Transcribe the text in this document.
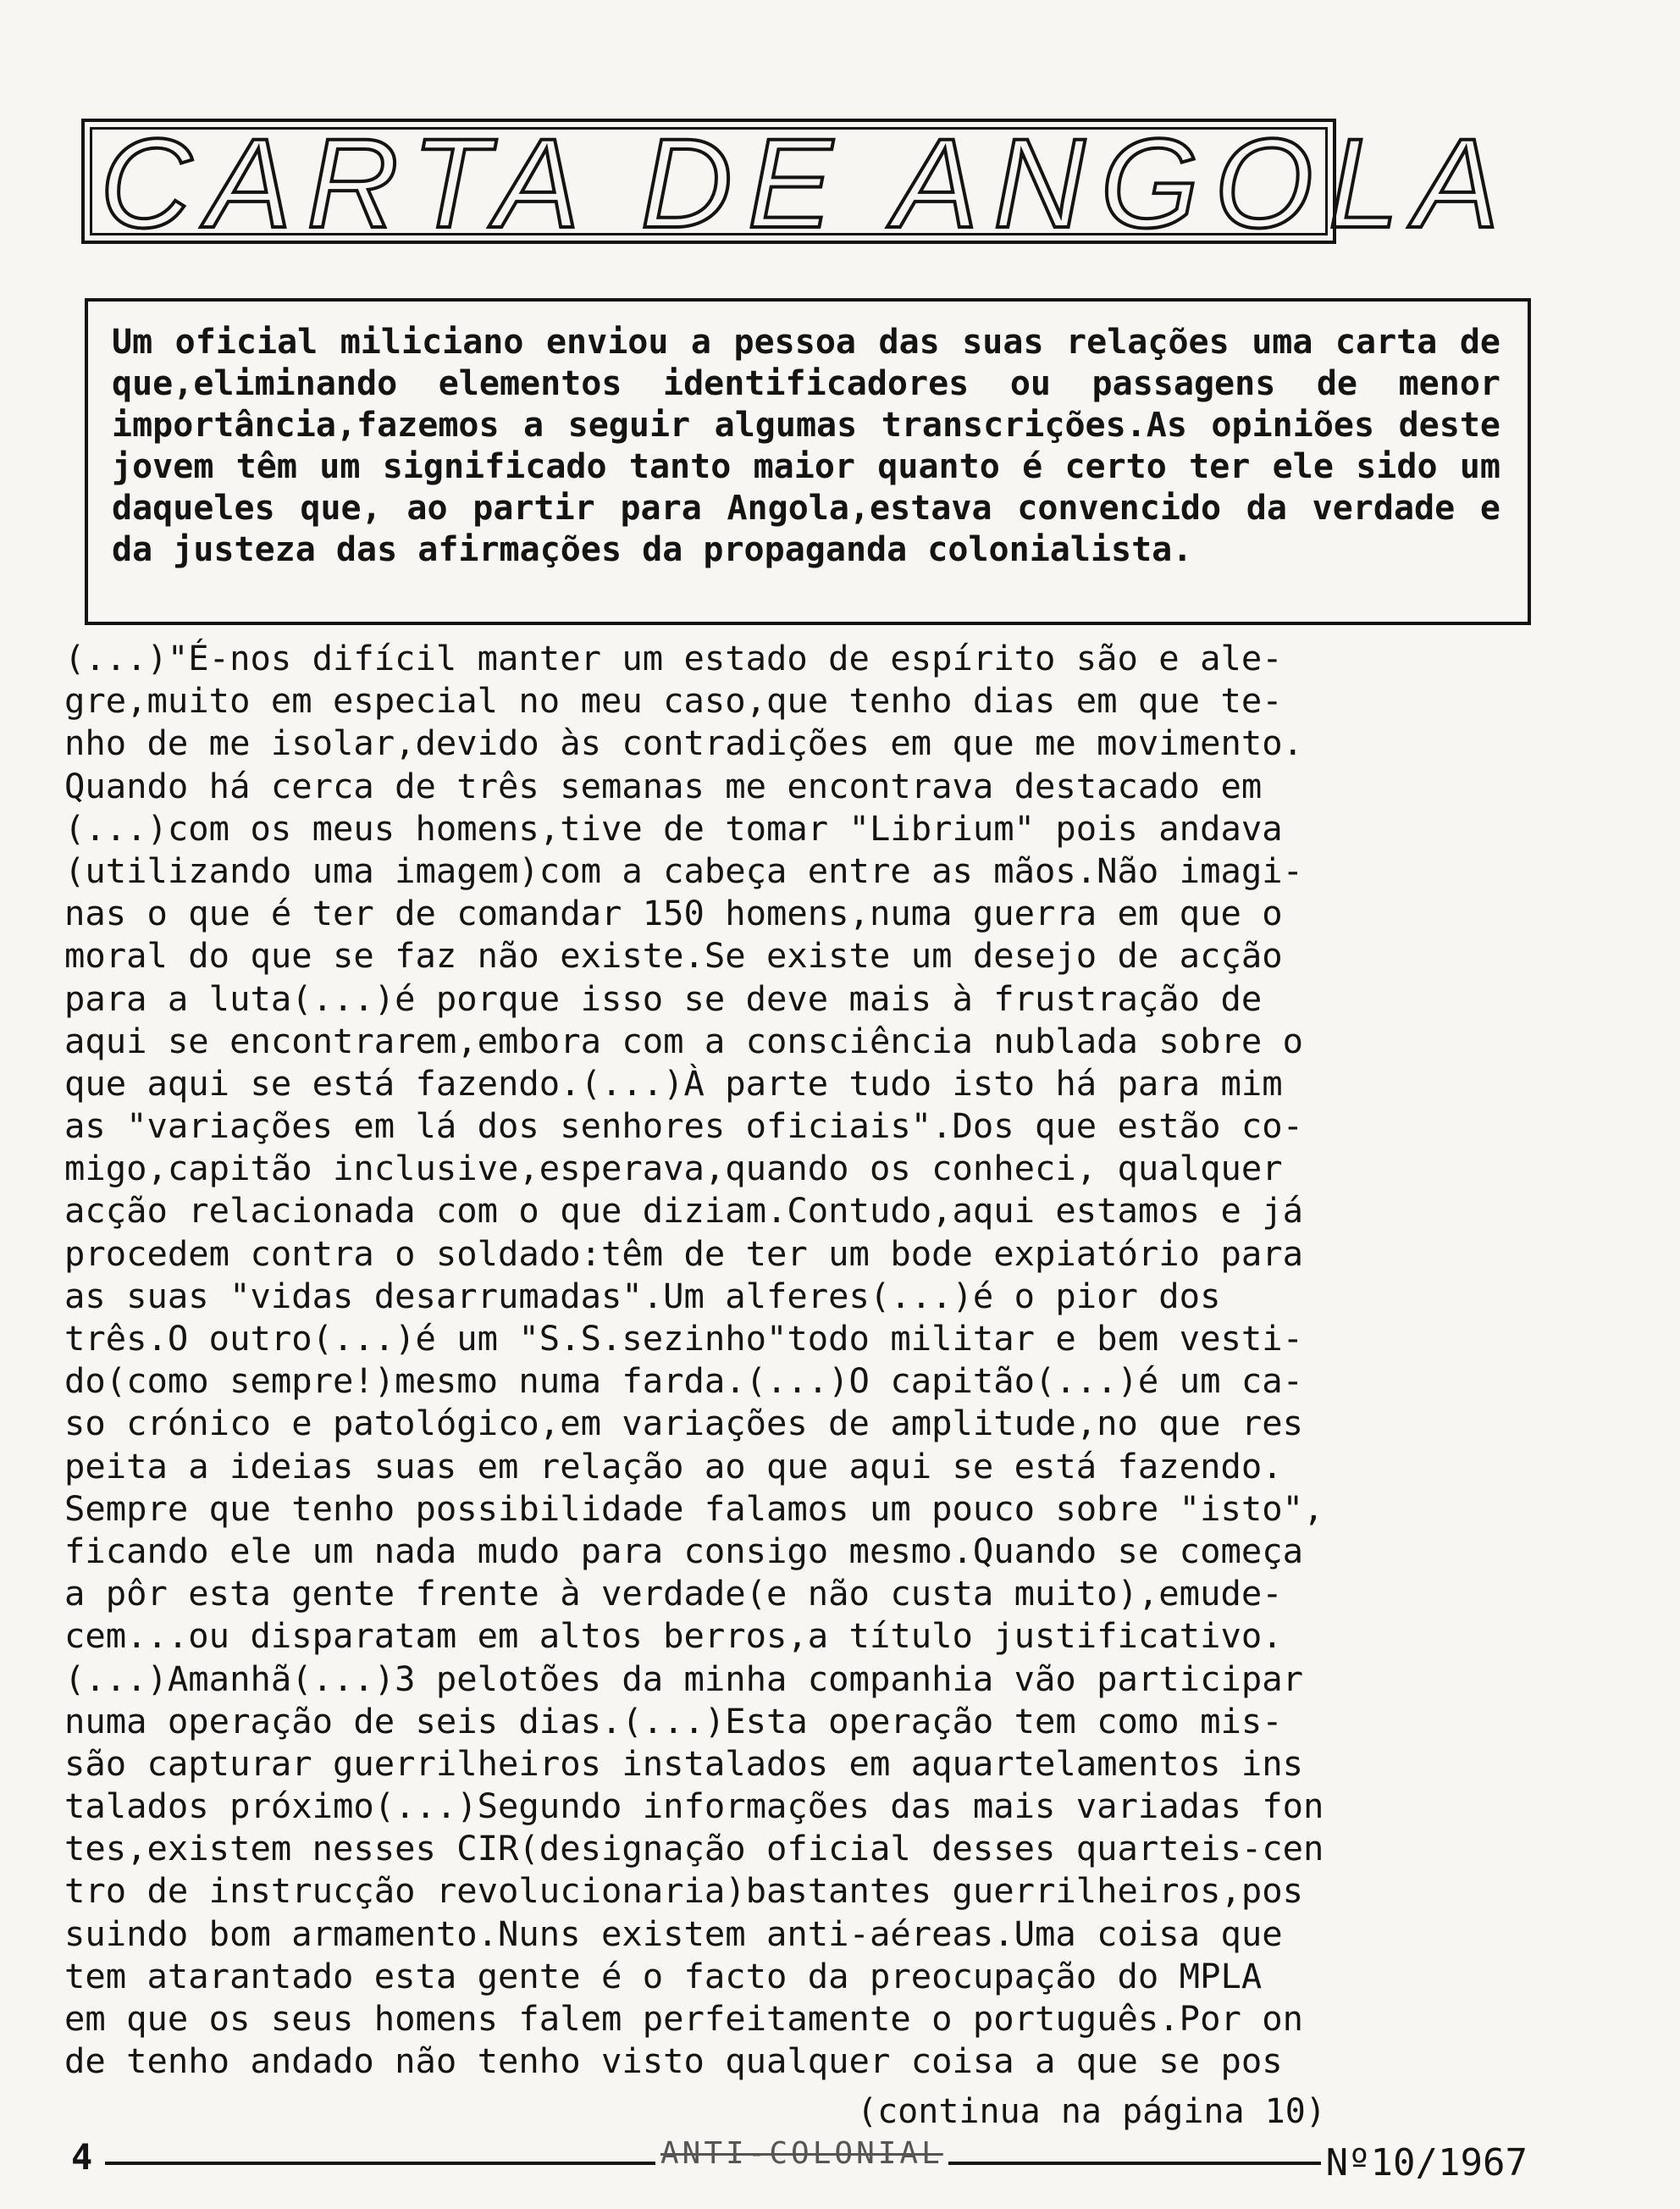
CARTA DE ANGOLA
Um oficial miliciano enviou a pessoa das suas relações uma carta de que,eliminando elementos identificadores ou passagens de menor importância,fazemos a seguir algumas transcrições.As opiniões deste jovem têm um significado tanto maior quanto é certo ter ele sido um daqueles que, ao partir para Angola,estava convencido da verdade e da justeza das afirmações da propaganda colonialista.
(...)"É-nos difícil manter um estado de espírito são e ale-
gre,muito em especial no meu caso,que tenho dias em que te-
nho de me isolar,devido às contradições em que me movimento.
Quando há cerca de três semanas me encontrava destacado em
(...)com os meus homens,tive de tomar "Librium" pois andava
(utilizando uma imagem)com a cabeça entre as mãos.Não imagi-
nas o que é ter de comandar 150 homens,numa guerra em que o
moral do que se faz não existe.Se existe um desejo de acção
para a luta(...)é porque isso se deve mais à frustração de
aqui se encontrarem,embora com a consciência nublada sobre o
que aqui se está fazendo.(...)À parte tudo isto há para mim
as "variações em lá dos senhores oficiais".Dos que estão co-
migo,capitão inclusive,esperava,quando os conheci, qualquer
acção relacionada com o que diziam.Contudo,aqui estamos e já
procedem contra o soldado:têm de ter um bode expiatório para
as suas "vidas desarrumadas".Um alferes(...)é o pior dos
três.O outro(...)é um "S.S.sezinho"todo militar e bem vesti-
do(como sempre!)mesmo numa farda.(...)O capitão(...)é um ca-
so crónico e patológico,em variações de amplitude,no que res
peita a ideias suas em relação ao que aqui se está fazendo.
Sempre que tenho possibilidade falamos um pouco sobre "isto",
ficando ele um nada mudo para consigo mesmo.Quando se começa
a pôr esta gente frente à verdade(e não custa muito),emude-
cem...ou disparatam em altos berros,a título justificativo.
(...)Amanhã(...)3 pelotões da minha companhia vão participar
numa operação de seis dias.(...)Esta operação tem como mis-
são capturar guerrilheiros instalados em aquartelamentos ins
talados próximo(...)Segundo informações das mais variadas fon
tes,existem nesses CIR(designação oficial desses quarteis-cen
tro de instrucção revolucionaria)bastantes guerrilheiros,pos
suindo bom armamento.Nuns existem anti-aéreas.Uma coisa que
tem atarantado esta gente é o facto da preocupação do MPLA
em que os seus homens falem perfeitamente o português.Por on
de tenho andado não tenho visto qualquer coisa a que se pos
(continua na página 10)
4	ANTI-COLONIAL	Nº10/1967
